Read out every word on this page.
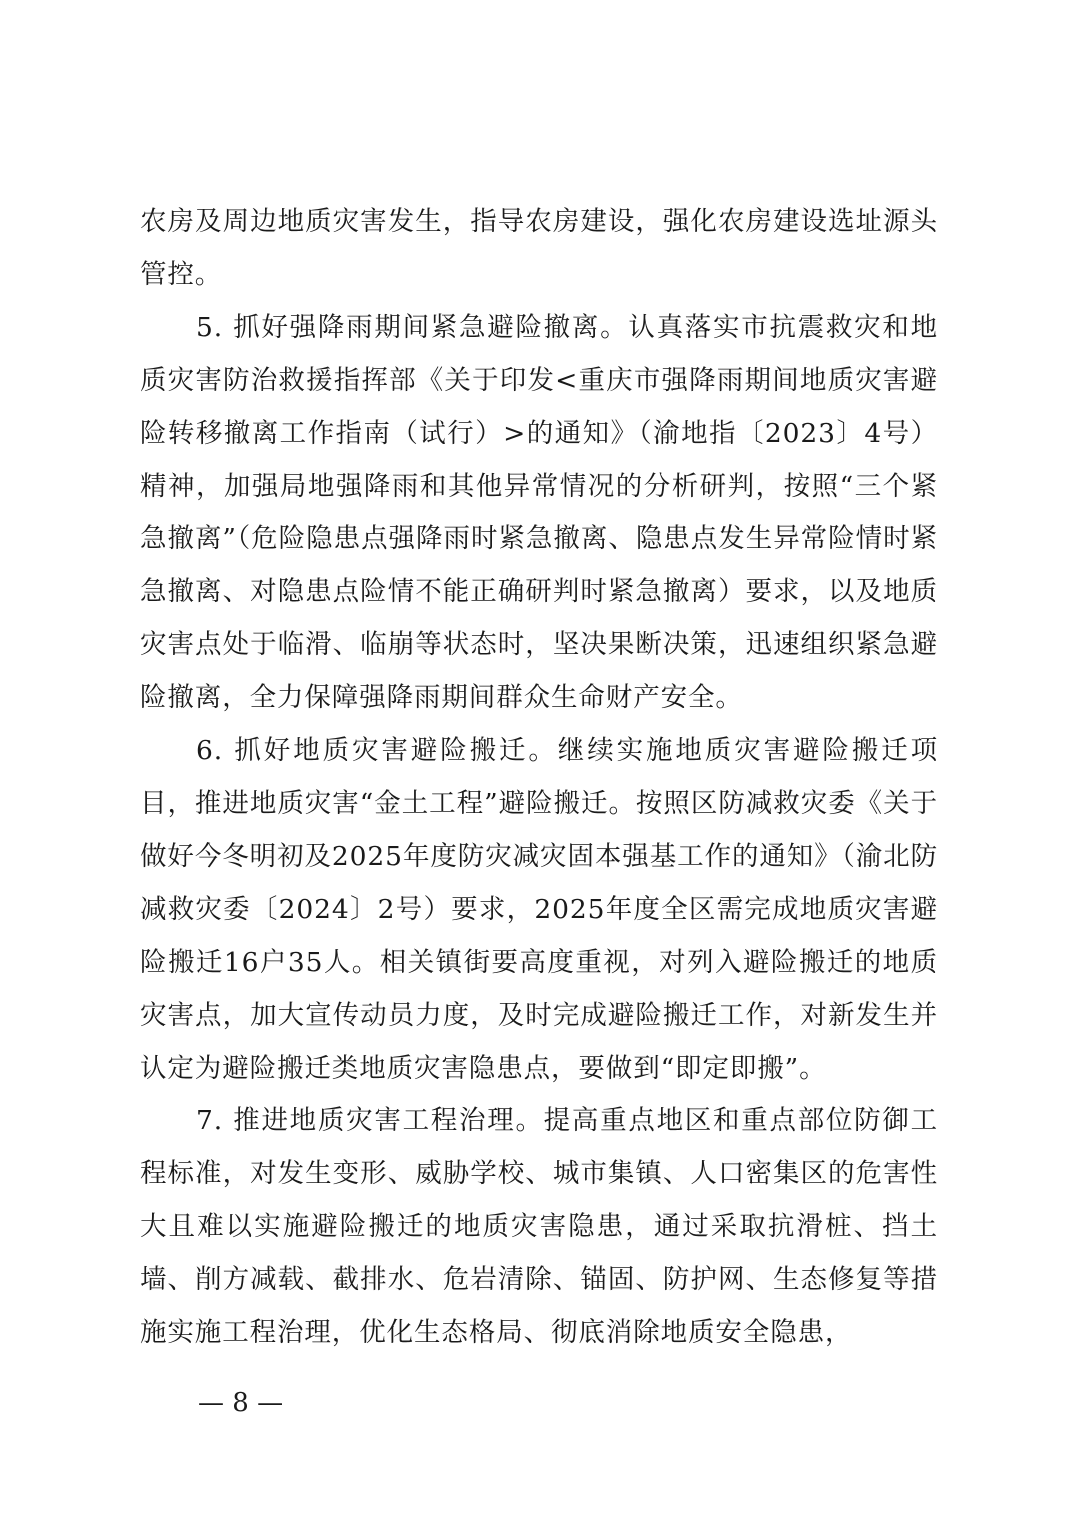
农房及周边地质灾害发生，指导农房建设，强化农房建设选址源头管控。

5. 抓好强降雨期间紧急避险撤离。认真落实市抗震救灾和地质灾害防治救援指挥部《关于印发<重庆市强降雨期间地质灾害避险转移撤离工作指南（试行）>的通知》（渝地指〔2023〕4号）精神，加强局地强降雨和其他异常情况的分析研判，按照“三个紧急撤离”（危险隐患点强降雨时紧急撤离、隐患点发生异常险情时紧急撤离、对隐患点险情不能正确研判时紧急撤离）要求，以及地质灾害点处于临滑、临崩等状态时，坚决果断决策，迅速组织紧急避险撤离，全力保障强降雨期间群众生命财产安全。

6. 抓好地质灾害避险搬迁。继续实施地质灾害避险搬迁项目，推进地质灾害“金土工程”避险搬迁。按照区防减救灾委《关于做好今冬明初及2025年度防灾减灾固本强基工作的通知》（渝北防减救灾委〔2024〕2号）要求，2025年度全区需完成地质灾害避险搬迁16户35人。相关镇街要高度重视，对列入避险搬迁的地质灾害点，加大宣传动员力度，及时完成避险搬迁工作，对新发生并认定为避险搬迁类地质灾害隐患点，要做到“即定即搬”。

7. 推进地质灾害工程治理。提高重点地区和重点部位防御工程标准，对发生变形、威胁学校、城市集镇、人口密集区的危害性大且难以实施避险搬迁的地质灾害隐患，通过采取抗滑桩、挡土墙、削方减载、截排水、危岩清除、锚固、防护网、生态修复等措施实施工程治理，优化生态格局、彻底消除地质安全隐患，

— 8 —
